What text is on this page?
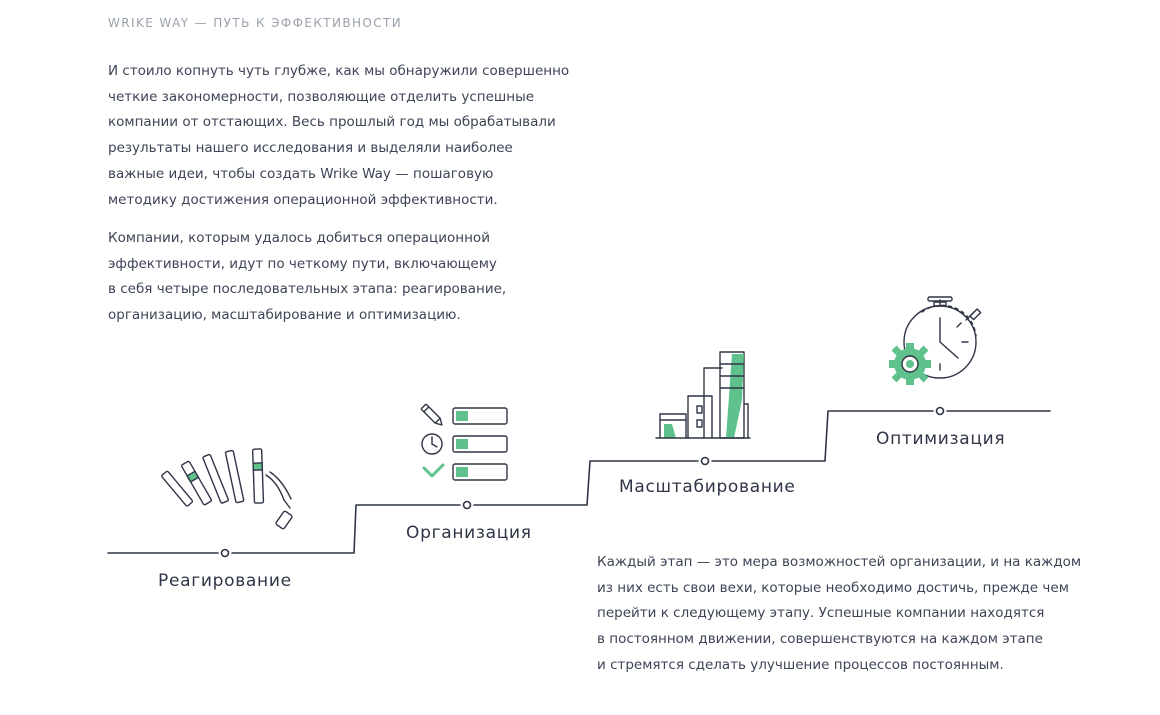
WRIKE WAY — ПУТЬ К ЭФФЕКТИВНОСТИ

И стоило копнуть чуть глубже, как мы обнаружили совершенно
четкие закономерности, позволяющие отделить успешные
компании от отстающих. Весь прошлый год мы обрабатывали
результаты нашего исследования и выделяли наиболее
важные идеи, чтобы создать Wrike Way — пошаговую
методику достижения операционной эффективности.

Компании, которым удалось добиться операционной
эффективности, идут по четкому пути, включающему
в себя четыре последовательных этапа: реагирование,
организацию, масштабирование и оптимизацию.

Реагирование
Организация
Масштабирование
Оптимизация

Каждый этап — это мера возможностей организации, и на каждом
из них есть свои вехи, которые необходимо достичь, прежде чем
перейти к следующему этапу. Успешные компании находятся
в постоянном движении, совершенствуются на каждом этапе
и стремятся сделать улучшение процессов постоянным.
